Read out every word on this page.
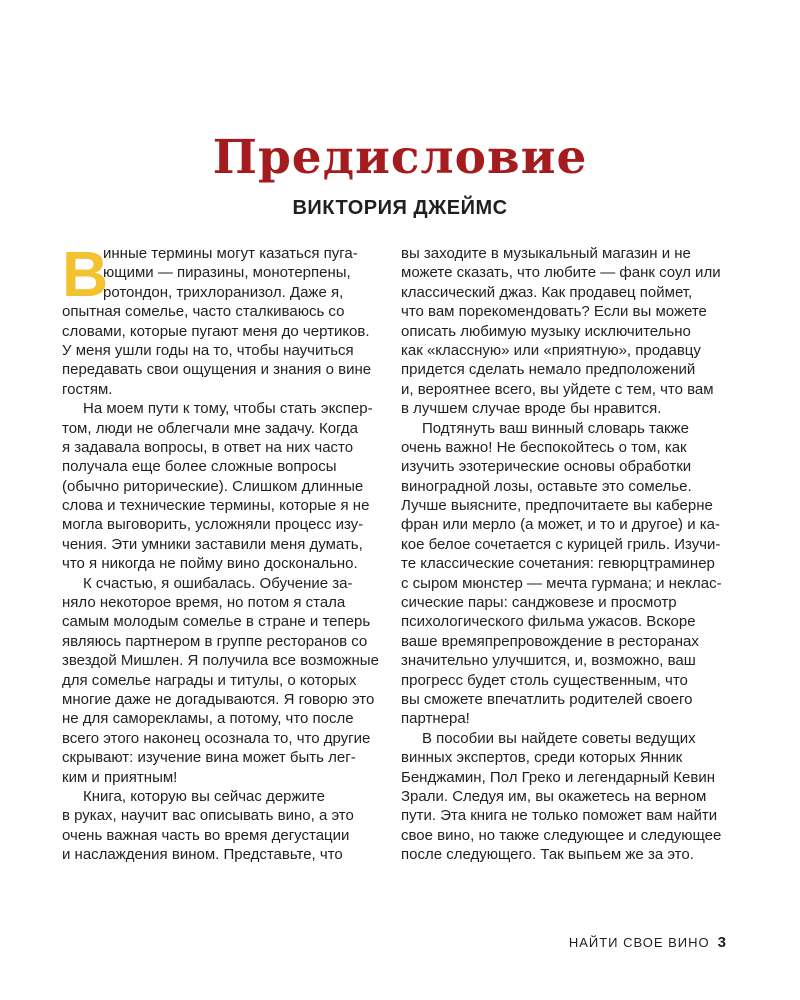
Предисловие
ВИКТОРИЯ ДЖЕЙМС
В
инные термины могут казаться пуга-
ющими — пиразины, монотерпены,
ротондон, трихлоранизол. Даже я,
опытная сомелье, часто сталкиваюсь со
словами, которые пугают меня до чертиков.
У меня ушли годы на то, чтобы научиться
передавать свои ощущения и знания о вине
гостям.
На моем пути к тому, чтобы стать экспер-
том, люди не облегчали мне задачу. Когда
я задавала вопросы, в ответ на них часто
получала еще более сложные вопросы
(обычно риторические). Слишком длинные
слова и технические термины, которые я не
могла выговорить, усложняли процесс изу-
чения. Эти умники заставили меня думать,
что я никогда не пойму вино досконально.
К счастью, я ошибалась. Обучение за-
няло некоторое время, но потом я стала
самым молодым сомелье в стране и теперь
являюсь партнером в группе ресторанов со
звездой Мишлен. Я получила все возможные
для сомелье награды и титулы, о которых
многие даже не догадываются. Я говорю это
не для саморекламы, а потому, что после
всего этого наконец осознала то, что другие
скрывают: изучение вина может быть лег-
ким и приятным!
Книга, которую вы сейчас держите
в руках, научит вас описывать вино, а это
очень важная часть во время дегустации
и наслаждения вином. Представьте, что
вы заходите в музыкальный магазин и не
можете сказать, что любите — фанк соул или
классический джаз. Как продавец поймет,
что вам порекомендовать? Если вы можете
описать любимую музыку исключительно
как «классную» или «приятную», продавцу
придется сделать немало предположений
и, вероятнее всего, вы уйдете с тем, что вам
в лучшем случае вроде бы нравится.
Подтянуть ваш винный словарь также
очень важно! Не беспокойтесь о том, как
изучить эзотерические основы обработки
виноградной лозы, оставьте это сомелье.
Лучше выясните, предпочитаете вы каберне
фран или мерло (а может, и то и другое) и ка-
кое белое сочетается с курицей гриль. Изучи-
те классические сочетания: гевюрцтраминер
с сыром мюнстер — мечта гурмана; и неклас-
сические пары: санджовезе и просмотр
психологического фильма ужасов. Вскоре
ваше времяпрепровождение в ресторанах
значительно улучшится, и, возможно, ваш
прогресс будет столь существенным, что
вы сможете впечатлить родителей своего
партнера!
В пособии вы найдете советы ведущих
винных экспертов, среди которых Янник
Бенджамин, Пол Греко и легендарный Кевин
Зрали. Следуя им, вы окажетесь на верном
пути. Эта книга не только поможет вам найти
свое вино, но также следующее и следующее
после следующего. Так выпьем же за это.
НАЙТИ СВОЕ ВИНО 3
